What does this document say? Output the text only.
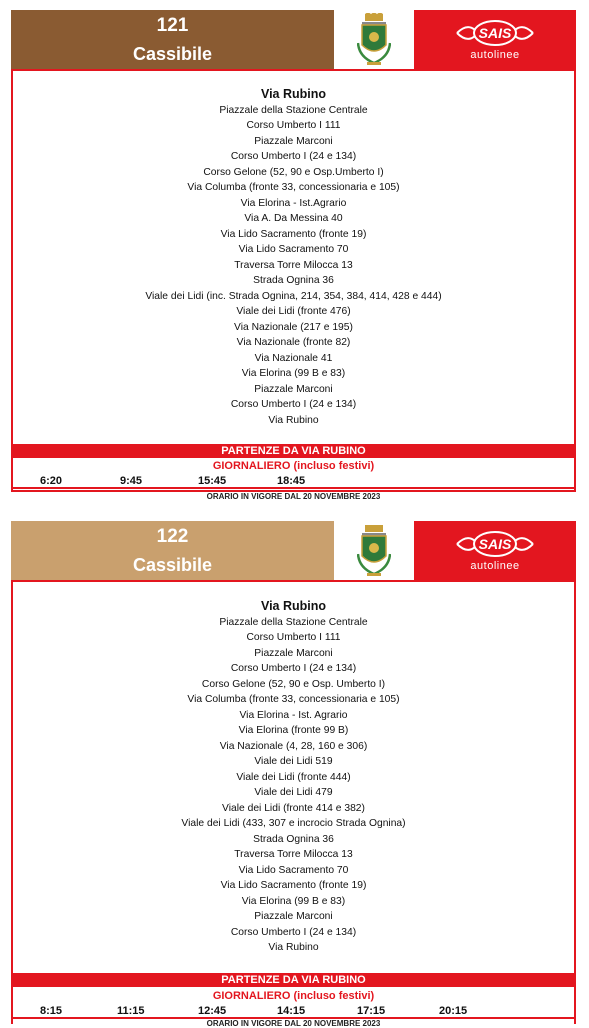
121
Cassibile
SAIS
autolinee
Via Rubino
Piazzale della Stazione Centrale
Corso Umberto I 111
Piazzale Marconi
Corso Umberto I (24 e 134)
Corso Gelone (52, 90 e Osp.Umberto I)
Via Columba (fronte 33, concessionaria e 105)
Via Elorina - Ist.Agrario
Via A. Da Messina 40
Via Lido Sacramento (fronte 19)
Via Lido Sacramento 70
Traversa Torre Milocca 13
Strada Ognina 36
Viale dei Lidi (inc. Strada Ognina, 214, 354, 384, 414, 428 e 444)
Viale dei Lidi (fronte 476)
Via Nazionale (217 e 195)
Via Nazionale (fronte 82)
Via Nazionale 41
Via Elorina (99 B e 83)
Piazzale Marconi
Corso Umberto I (24 e 134)
Via Rubino
PARTENZE DA VIA RUBINO
GIORNALIERO (incluso festivi)
6:20	9:45	15:45	18:45
ORARIO IN VIGORE DAL 20 NOVEMBRE 2023
122
Cassibile
SAIS
autolinee
Via Rubino
Piazzale della Stazione Centrale
Corso Umberto I 111
Piazzale Marconi
Corso Umberto I (24 e 134)
Corso Gelone (52, 90 e Osp. Umberto I)
Via Columba (fronte 33, concessionaria e 105)
Via Elorina - Ist. Agrario
Via Elorina (fronte 99 B)
Via Nazionale (4, 28, 160 e 306)
Viale dei Lidi 519
Viale dei Lidi (fronte 444)
Viale dei Lidi 479
Viale dei Lidi (fronte 414 e 382)
Viale dei Lidi (433, 307 e incrocio Strada Ognina)
Strada Ognina 36
Traversa Torre Milocca 13
Via Lido Sacramento 70
Via Lido Sacramento (fronte 19)
Via Elorina (99 B e 83)
Piazzale Marconi
Corso Umberto I (24 e 134)
Via Rubino
PARTENZE DA VIA RUBINO
GIORNALIERO (incluso festivi)
8:15	11:15	12:45	14:15	17:15	20:15
ORARIO IN VIGORE DAL 20 NOVEMBRE 2023
